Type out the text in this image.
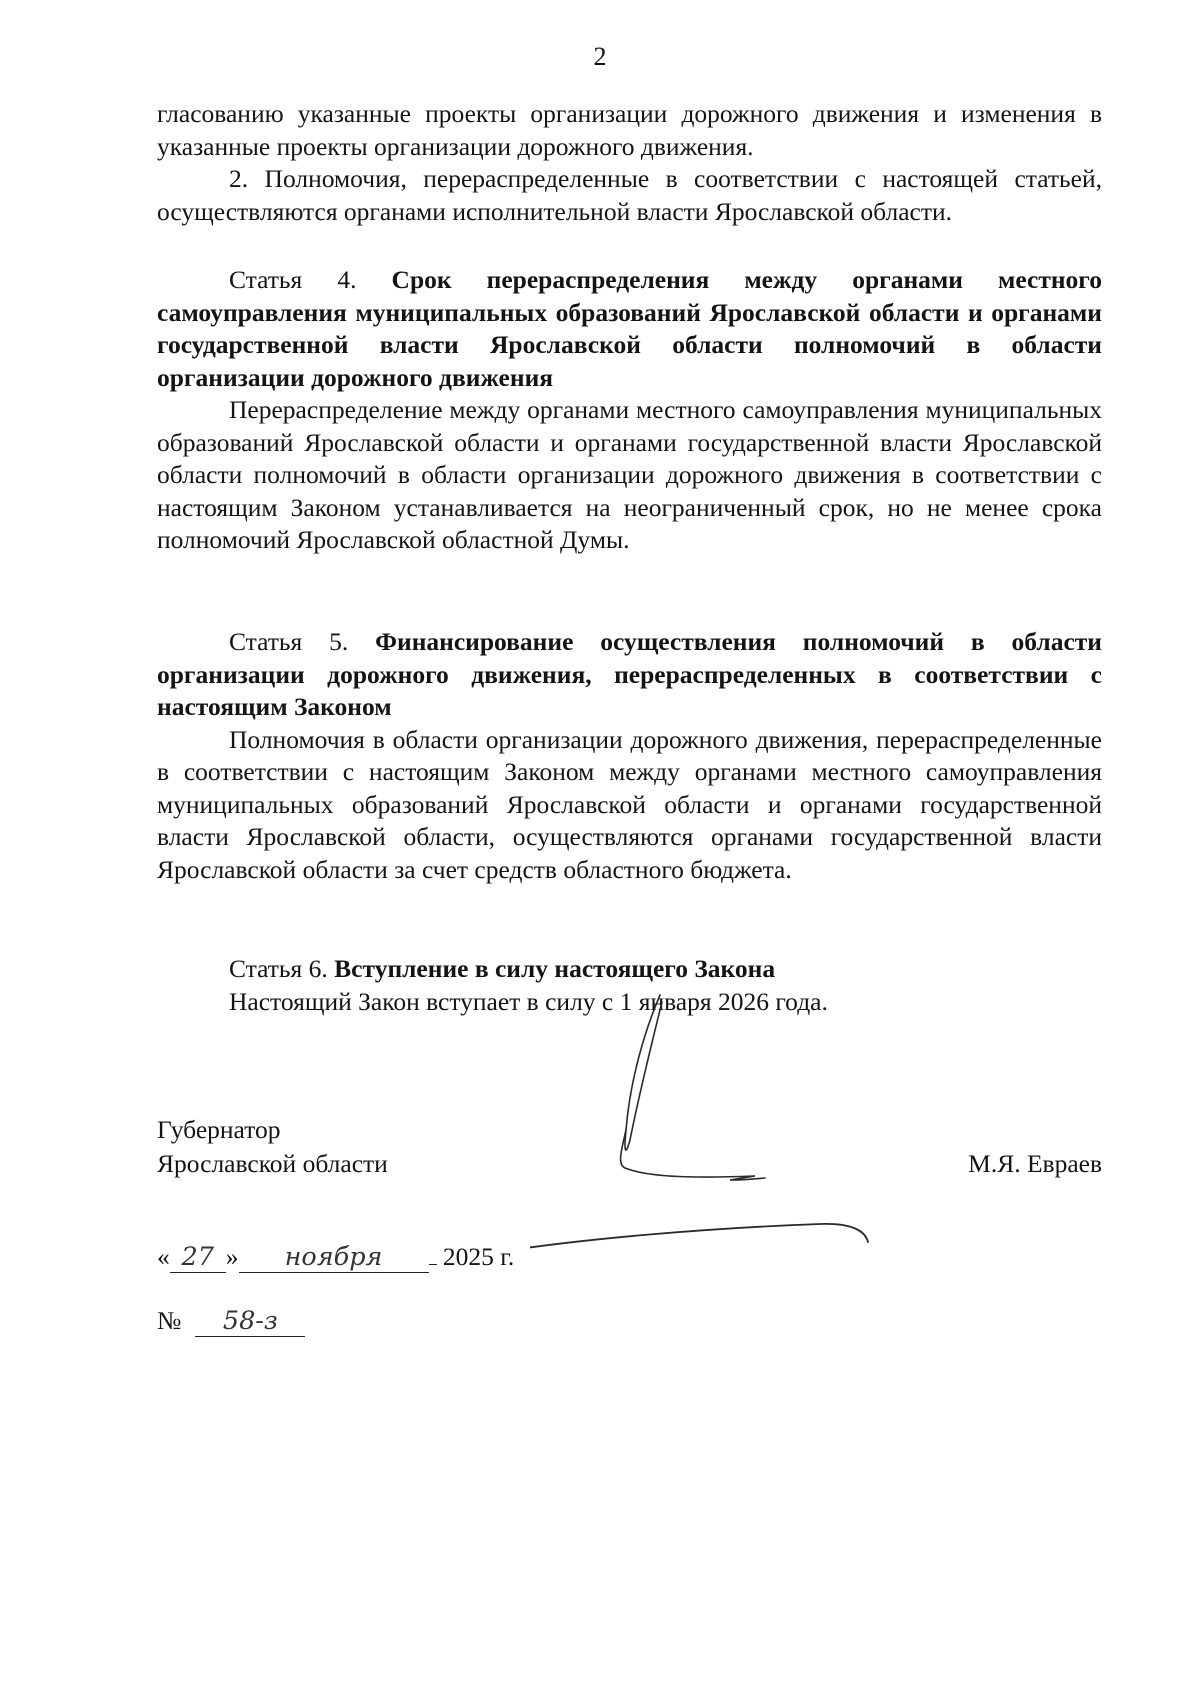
2

гласованию указанные проекты организации дорожного движения и изменения в указанные проекты организации дорожного движения.

2. Полномочия, перераспределенные в соответствии с настоящей статьей, осуществляются органами исполнительной власти Ярославской области.

Статья 4. Срок перераспределения между органами местного самоуправления муниципальных образований Ярославской области и органами государственной власти Ярославской области полномочий в области организации дорожного движения

Перераспределение между органами местного самоуправления муниципальных образований Ярославской области и органами государственной власти Ярославской области полномочий в области организации дорожного движения в соответствии с настоящим Законом устанавливается на неограниченный срок, но не менее срока полномочий Ярославской областной Думы.

Статья 5. Финансирование осуществления полномочий в области организации дорожного движения, перераспределенных в соответствии с настоящим Законом

Полномочия в области организации дорожного движения, перераспределенные в соответствии с настоящим Законом между органами местного самоуправления муниципальных образований Ярославской области и органами государственной власти Ярославской области, осуществляются органами государственной власти Ярославской области за счет средств областного бюджета.

Статья 6. Вступление в силу настоящего Закона

Настоящий Закон вступает в силу с 1 января 2026 года.

Губернатор
Ярославской области	М.Я. Евраев
« 27 » ноября 2025 г.
№ 58-з
